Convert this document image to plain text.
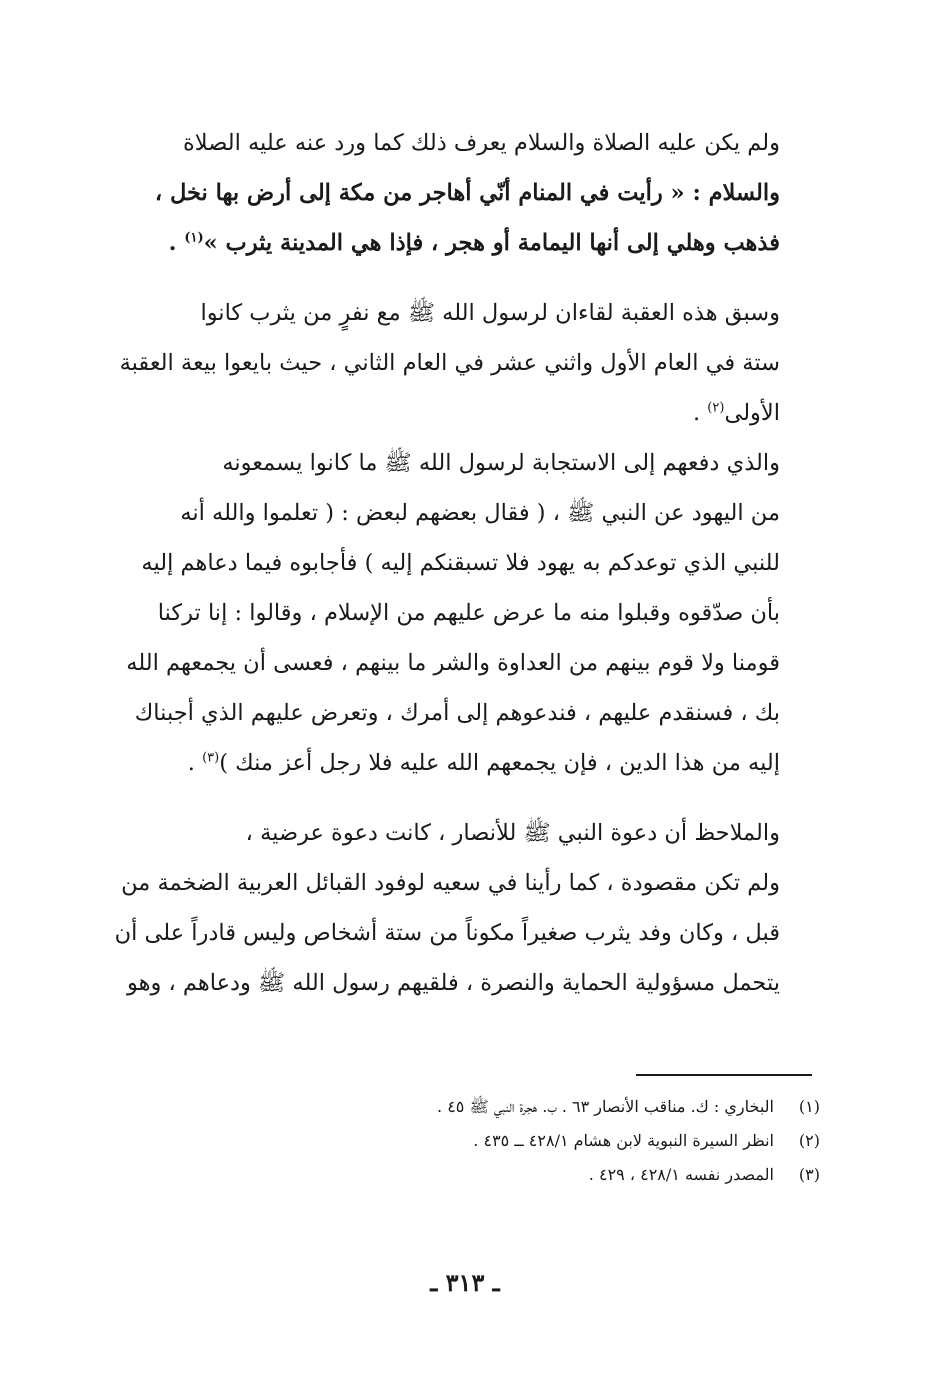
ولم يكن عليه الصلاة والسلام يعرف ذلك كما ورد عنه عليه الصلاة
والسلام : « رأيت في المنام أنّي أهاجر من مكة إلى أرض بها نخل ،
فذهب وهلي إلى أنها اليمامة أو هجر ، فإذا هي المدينة يثرب »$^{(١)}$ .
وسبق هذه العقبة لقاءان لرسول الله ﷺ مع نفرٍ من يثرب كانوا
ستة في العام الأول واثني عشر في العام الثاني ، حيث بايعوا بيعة العقبة
الأولى$^{(٢)}$ .
والذي دفعهم إلى الاستجابة لرسول الله ﷺ ما كانوا يسمعونه
من اليهود عن النبي ﷺ ، ( فقال بعضهم لبعض : ( تعلموا والله أنه
للنبي الذي توعدكم به يهود فلا تسبقنكم إليه ) فأجابوه فيما دعاهم إليه
بأن صدّقوه وقبلوا منه ما عرض عليهم من الإسلام ، وقالوا : إنا تركنا
قومنا ولا قوم بينهم من العداوة والشر ما بينهم ، فعسى أن يجمعهم الله
بك ، فسنقدم عليهم ، فندعوهم إلى أمرك ، وتعرض عليهم الذي أجبناك
إليه من هذا الدين ، فإن يجمعهم الله عليه فلا رجل أعز منك )$^{(٣)}$ .
والملاحظ أن دعوة النبي ﷺ للأنصار ، كانت دعوة عرضية ،
ولم تكن مقصودة ، كما رأينا في سعيه لوفود القبائل العربية الضخمة من
قبل ، وكان وفد يثرب صغيراً مكوناً من ستة أشخاص وليس قادراً على أن
يتحمل مسؤولية الحماية والنصرة ، فلقيهم رسول الله ﷺ ودعاهم ، وهو
(١)البخاري : ك. مناقب الأنصار ٦٣ . ب. هجرة النبي ﷺ ٤٥ .
(٢)انظر السيرة النبوية لابن هشام ٤٢٨/١ ــ ٤٣٥ .
(٣)المصدر نفسه ٤٢٨/١ ، ٤٢٩ .
ـ ٣١٣ ـ
